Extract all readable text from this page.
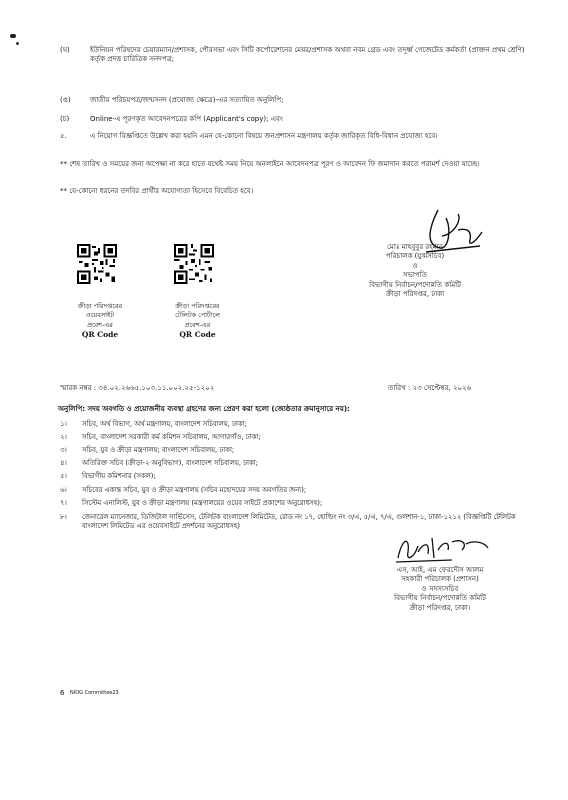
(ঘ)	ইউনিয়ন পরিষদের চেয়ারম্যান/প্রশাসক, পৌরসভা এবং সিটি কর্পোরেশনের মেয়র/প্রশাসক অথবা নবম গ্রেড এবং তদূর্ধ্ব গেজেটেড কর্মকর্তা (প্রাক্তন প্রথম শ্রেণি) কর্তৃক প্রদত্ত চারিত্রিক সনদপত্র;
(ঙ)	জাতীয় পরিচয়পত্র/জন্মসনদ (প্রযোজ্য ক্ষেত্রে)-এর সত্যায়িত অনুলিপি;
(চ)	Online-এ পূরণকৃত আবেদনপত্রের কপি (Applicant's copy); এবং
৫.	এ নিয়োগ বিজ্ঞপ্তিতে উল্লেখ করা হয়নি এমন যে-কোনো বিষয়ে জনপ্রশাসন মন্ত্রণালয় কর্তৃক জারিকৃত বিধি-বিধান প্রযোজ্য হবে।
** শেষ তারিখ ও সময়ের জন্য অপেক্ষা না করে হাতে যথেষ্ট সময় নিয়ে অনলাইনে আবেদনপত্র পূরণ ও আবেদন ফি জমাদান করতে পরামর্শ দেওয়া যাচ্ছে।
** যে-কোনো ধরনের তদবির প্রার্থীর অযোগ্যতা হিসেবে বিবেচিত হবে।
মোঃ মাহবুবুর রহমান
পরিচালক (যুগ্মসচিব)
ও
সভাপতি
বিভাগীয় নির্বাচন/পদোন্নতি কমিটি
ক্রীড়া পরিদপ্তর, ঢাকা
ক্রীড়া পরিদপ্তরের
ওয়েবসাইট
প্রবেশ-এর
QR Code
ক্রীড়া পরিদপ্তরের
টেলিটক পোর্টালে
প্রবেশ-এর
QR Code
স্মারক নম্বর : ৩৪.০২.২৬৬৫.১০৩.১১.০০২.২৫-১২০২	তারিখ : ২৩ সেপ্টেম্বর, ২০২৬
অনুলিপি: সদয় অবগতি ও প্রয়োজনীয় ব্যবস্থা গ্রহণের জন্য প্রেরণ করা হলো (জ্যেষ্ঠতার ক্রমানুসারে নয়):
১। সচিব, অর্থ বিভাগ, অর্থ মন্ত্রণালয়, বাংলাদেশ সচিবালয়, ঢাকা;
২। সচিব, বাংলাদেশ সরকারী কর্ম কমিশন সচিবালয়, আগারগাঁও, ঢাকা;
৩। সচিব, যুব ও ক্রীড়া মন্ত্রণালয়; বাংলাদেশ সচিবালয়, ঢাকা;
৪। অতিরিক্ত সচিব (ক্রীড়া-২ অনুবিভাগ), বাংলাদেশ সচিবালয়, ঢাকা;
৫। বিভাগীয় কমিশনার (সকল);
৬। সচিবের একান্ত সচিব, যুব ও ক্রীড়া মন্ত্রণালয় (সচিব মহোদয়ের সদয় অবগতির জন্য);
৭। সিস্টেম এনালিস্ট, যুব ও ক্রীড়া মন্ত্রণালয় (মন্ত্রণালয়ের ওয়েব সাইটে প্রকাশের অনুরোধসহ);
৮। জেনারেল ম্যানেজার, ডিজিটাল সার্ভিসেস, টেলিটক বাংলাদেশ লিমিটেড, রোড নং ১৭, হোল্ডিং নং ৩/এ, ৫/এ, ৭/এ, গুলশান-১, ঢাকা-১২১২ (বিজ্ঞপ্তিটি টেলিটক বাংলাদেশ লিমিটেড এর ওয়েবসাইটে প্রদর্শনের অনুরোধসহ)
এস, আই, এম ফেরদৌস আলম
সহকারী পরিচালক (প্রশাসন)
ও সদস্যসচিব
বিভাগীয় নির্বাচন/পদোন্নতি কমিটি
ক্রীড়া পরিদপ্তর, ঢাকা।
6 NIOG Committee23
